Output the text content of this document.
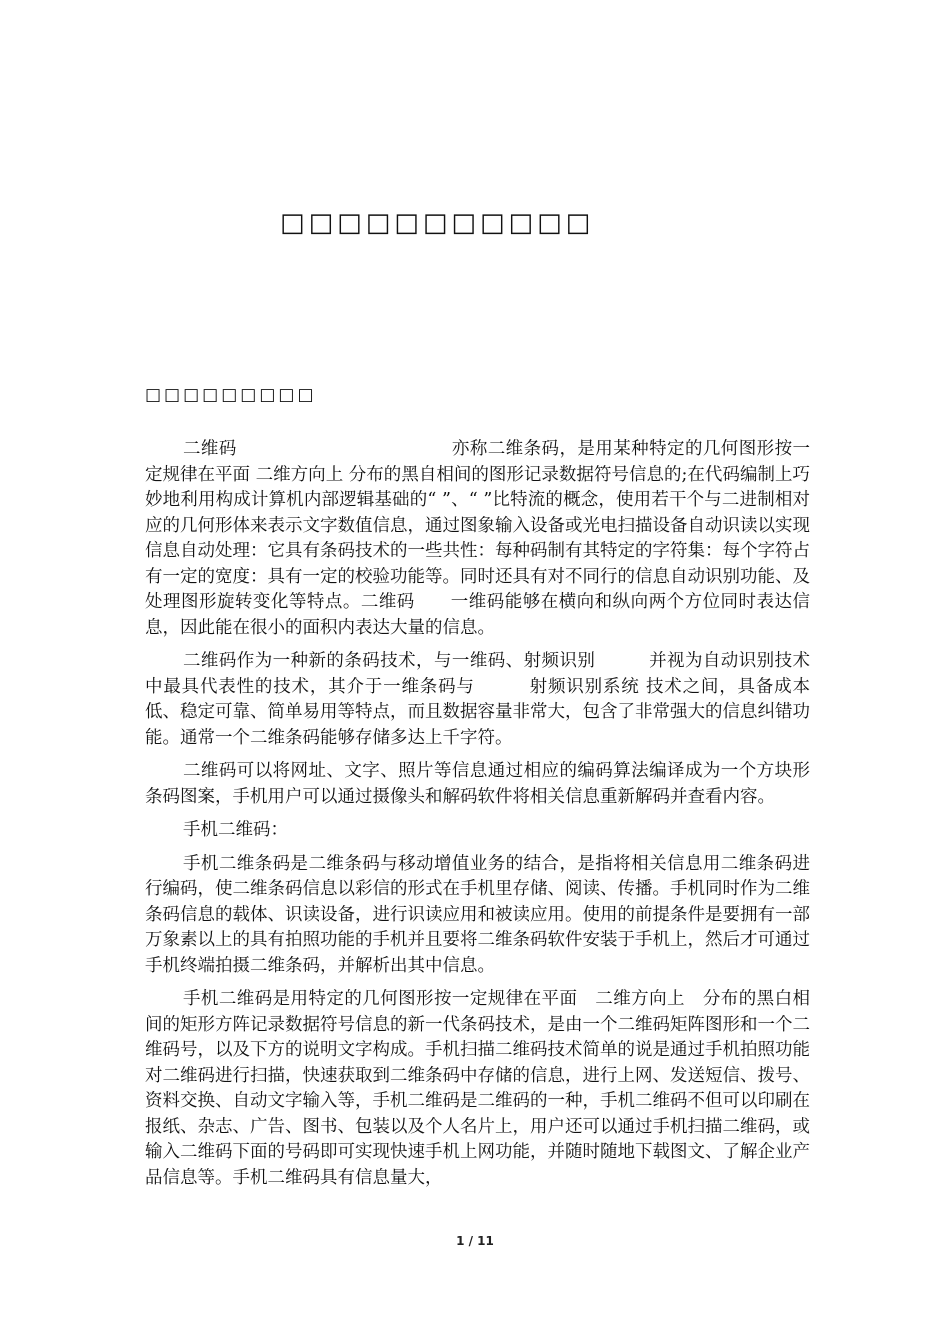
□□□□□□□□□□□
□□□□□□□□□

二维码　　　　　　　　　　　　亦称二维条码，是用某种特定的几何图形按一定规律在平面 二维方向上 分布的黑自相间的图形记录数据符号信息的;在代码编制上巧妙地利用构成计算机内部逻辑基础的“ ”、“ ”比特流的概念，使用若干个与二进制相对应的几何形体来表示文字数值信息，通过图象输入设备或光电扫描设备自动识读以实现信息自动处理：它具有条码技术的一些共性：每种码制有其特定的字符集：每个字符占有一定的宽度：具有一定的校验功能等。同时还具有对不同行的信息自动识别功能、及处理图形旋转变化等特点。二维码　　一维码能够在横向和纵向两个方位同时表达信息，因此能在很小的面积内表达大量的信息。

二维码作为一种新的条码技术，与一维码、射频识别　　　并视为自动识别技术中最具代表性的技术，其介于一维条码与　　　射频识别系统 技术之间，具备成本低、稳定可靠、简单易用等特点，而且数据容量非常大，包含了非常强大的信息纠错功能。通常一个二维条码能够存储多达上千字符。

二维码可以将网址、文字、照片等信息通过相应的编码算法编译成为一个方块形条码图案，手机用户可以通过摄像头和解码软件将相关信息重新解码并查看内容。

手机二维码：

手机二维条码是二维条码与移动增值业务的结合，是指将相关信息用二维条码进行编码，使二维条码信息以彩信的形式在手机里存储、阅读、传播。手机同时作为二维条码信息的载体、识读设备，进行识读应用和被读应用。使用的前提条件是要拥有一部　　万象素以上的具有拍照功能的手机并且要将二维条码软件安装于手机上，然后才可通过手机终端拍摄二维条码，并解析出其中信息。

手机二维码是用特定的几何图形按一定规律在平面　二维方向上　分布的黑白相间的矩形方阵记录数据符号信息的新一代条码技术，是由一个二维码矩阵图形和一个二维码号，以及下方的说明文字构成。手机扫描二维码技术简单的说是通过手机拍照功能对二维码进行扫描，快速获取到二维条码中存储的信息，进行上网、发送短信、拨号、资料交换、自动文字输入等，手机二维码是二维码的一种，手机二维码不但可以印刷在报纸、杂志、广告、图书、包装以及个人名片上，用户还可以通过手机扫描二维码，或输入二维码下面的号码即可实现快速手机上网功能，并随时随地下载图文、了解企业产品信息等。手机二维码具有信息量大，

1 / 11
